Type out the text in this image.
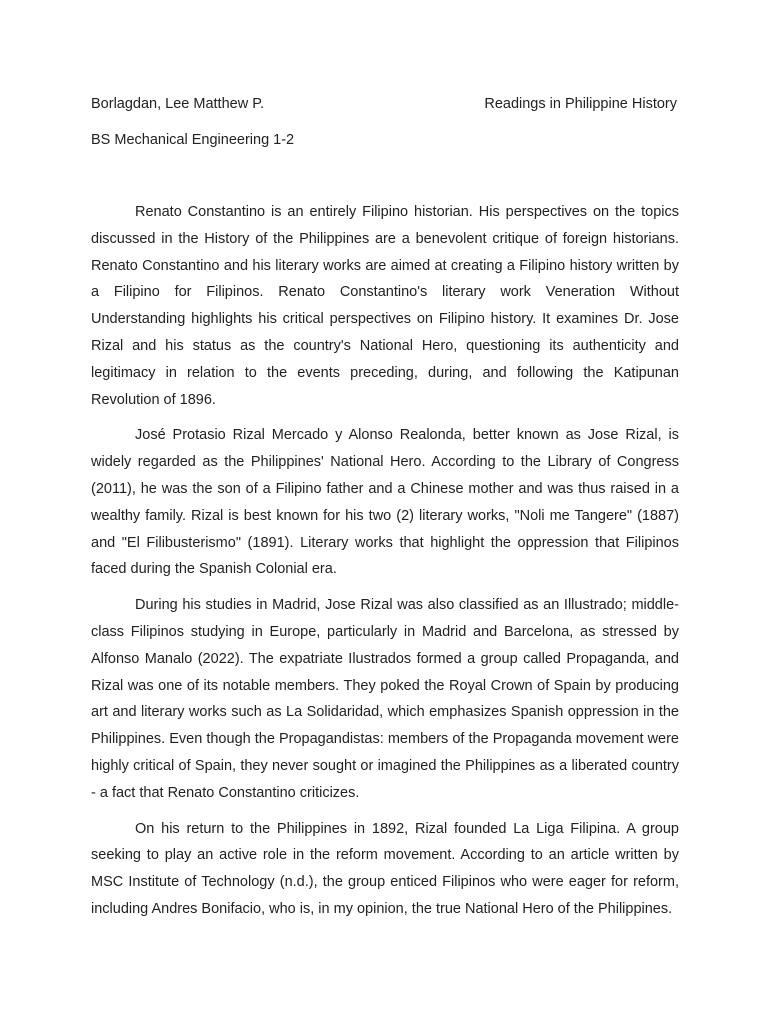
Borlagdan, Lee Matthew P.	Readings in Philippine History
BS Mechanical Engineering 1-2

Renato Constantino is an entirely Filipino historian. His perspectives on the topics discussed in the History of the Philippines are a benevolent critique of foreign historians. Renato Constantino and his literary works are aimed at creating a Filipino history written by a Filipino for Filipinos. Renato Constantino's literary work Veneration Without Understanding highlights his critical perspectives on Filipino history. It examines Dr. Jose Rizal and his status as the country's National Hero, questioning its authenticity and legitimacy in relation to the events preceding, during, and following the Katipunan Revolution of 1896.

José Protasio Rizal Mercado y Alonso Realonda, better known as Jose Rizal, is widely regarded as the Philippines' National Hero. According to the Library of Congress (2011), he was the son of a Filipino father and a Chinese mother and was thus raised in a wealthy family. Rizal is best known for his two (2) literary works, "Noli me Tangere" (1887) and "El Filibusterismo" (1891). Literary works that highlight the oppression that Filipinos faced during the Spanish Colonial era.

During his studies in Madrid, Jose Rizal was also classified as an Illustrado; middle-class Filipinos studying in Europe, particularly in Madrid and Barcelona, as stressed by Alfonso Manalo (2022). The expatriate Ilustrados formed a group called Propaganda, and Rizal was one of its notable members. They poked the Royal Crown of Spain by producing art and literary works such as La Solidaridad, which emphasizes Spanish oppression in the Philippines. Even though the Propagandistas: members of the Propaganda movement were highly critical of Spain, they never sought or imagined the Philippines as a liberated country - a fact that Renato Constantino criticizes.

On his return to the Philippines in 1892, Rizal founded La Liga Filipina. A group seeking to play an active role in the reform movement. According to an article written by MSC Institute of Technology (n.d.), the group enticed Filipinos who were eager for reform, including Andres Bonifacio, who is, in my opinion, the true National Hero of the Philippines.
